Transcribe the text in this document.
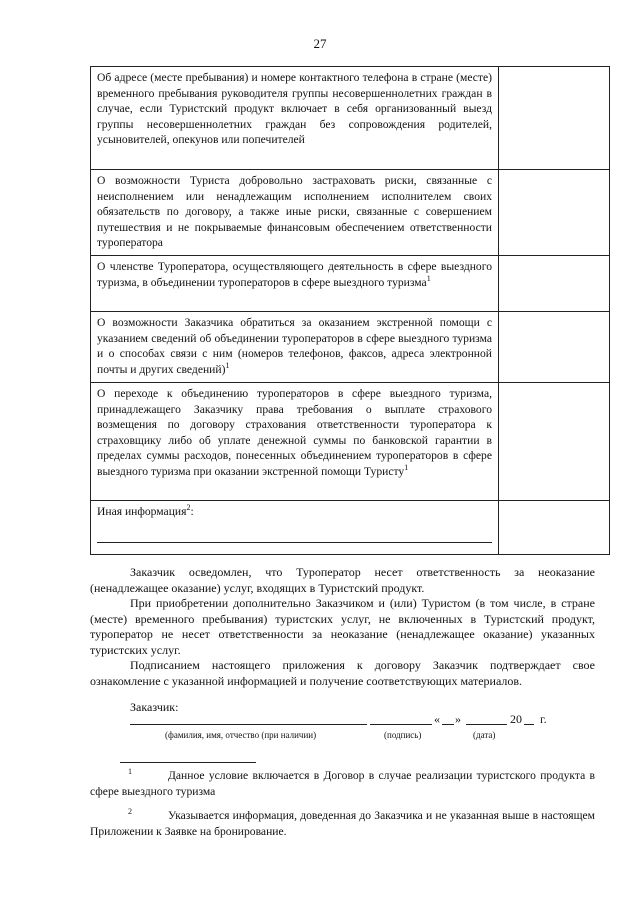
27
Об адресе (месте пребывания) и номере контактного телефона в стране (месте) временного пребывания руководителя группы несовершеннолетних граждан в случае, если Туристский продукт включает в себя организованный выезд группы несовершеннолетних граждан без сопровождения родителей, усыновителей, опекунов или попечителей	
О возможности Туриста добровольно застраховать риски, связанные с неисполнением или ненадлежащим исполнением исполнителем своих обязательств по договору, а также иные риски, связанные с совершением путешествия и не покрываемые финансовым обеспечением ответственности туроператора	
О членстве Туроператора, осуществляющего деятельность в сфере выездного туризма, в объединении туроператоров в сфере выездного туризма$^1$	
О возможности Заказчика обратиться за оказанием экстренной помощи с указанием сведений об объединении туроператоров в сфере выездного туризма и о способах связи с ним (номеров телефонов, факсов, адреса электронной почты и других сведений)$^1$	
О переходе к объединению туроператоров в сфере выездного туризма, принадлежащего Заказчику права требования о выплате страхового возмещения по договору страхования ответственности туроператора к страховщику либо об уплате денежной суммы по банковской гарантии в пределах суммы расходов, понесенных объединением туроператоров в сфере выездного туризма при оказании экстренной помощи Туристу$^1$	
Иная информация$^2$:

Заказчик осведомлен, что Туроператор несет ответственность за неоказание (ненадлежащее оказание) услуг, входящих в Туристский продукт.
При приобретении дополнительно Заказчиком и (или) Туристом (в том числе, в стране (месте) временного пребывания) туристских услуг, не включенных в Туристский продукт, туроператор не несет ответственности за неоказание (ненадлежащее оказание) указанных туристских услуг.
Подписанием настоящего приложения к договору Заказчик подтверждает свое ознакомление с указанной информацией и получение соответствующих материалов.
Заказчик:
« »	20 г.
(фамилия, имя, отчество (при наличии)	(подпись)	(дата)
1	Данное условие включается в Договор в случае реализации туристского продукта в сфере выездного туризма
2	Указывается информация, доведенная до Заказчика и не указанная выше в настоящем Приложении к Заявке на бронирование.
